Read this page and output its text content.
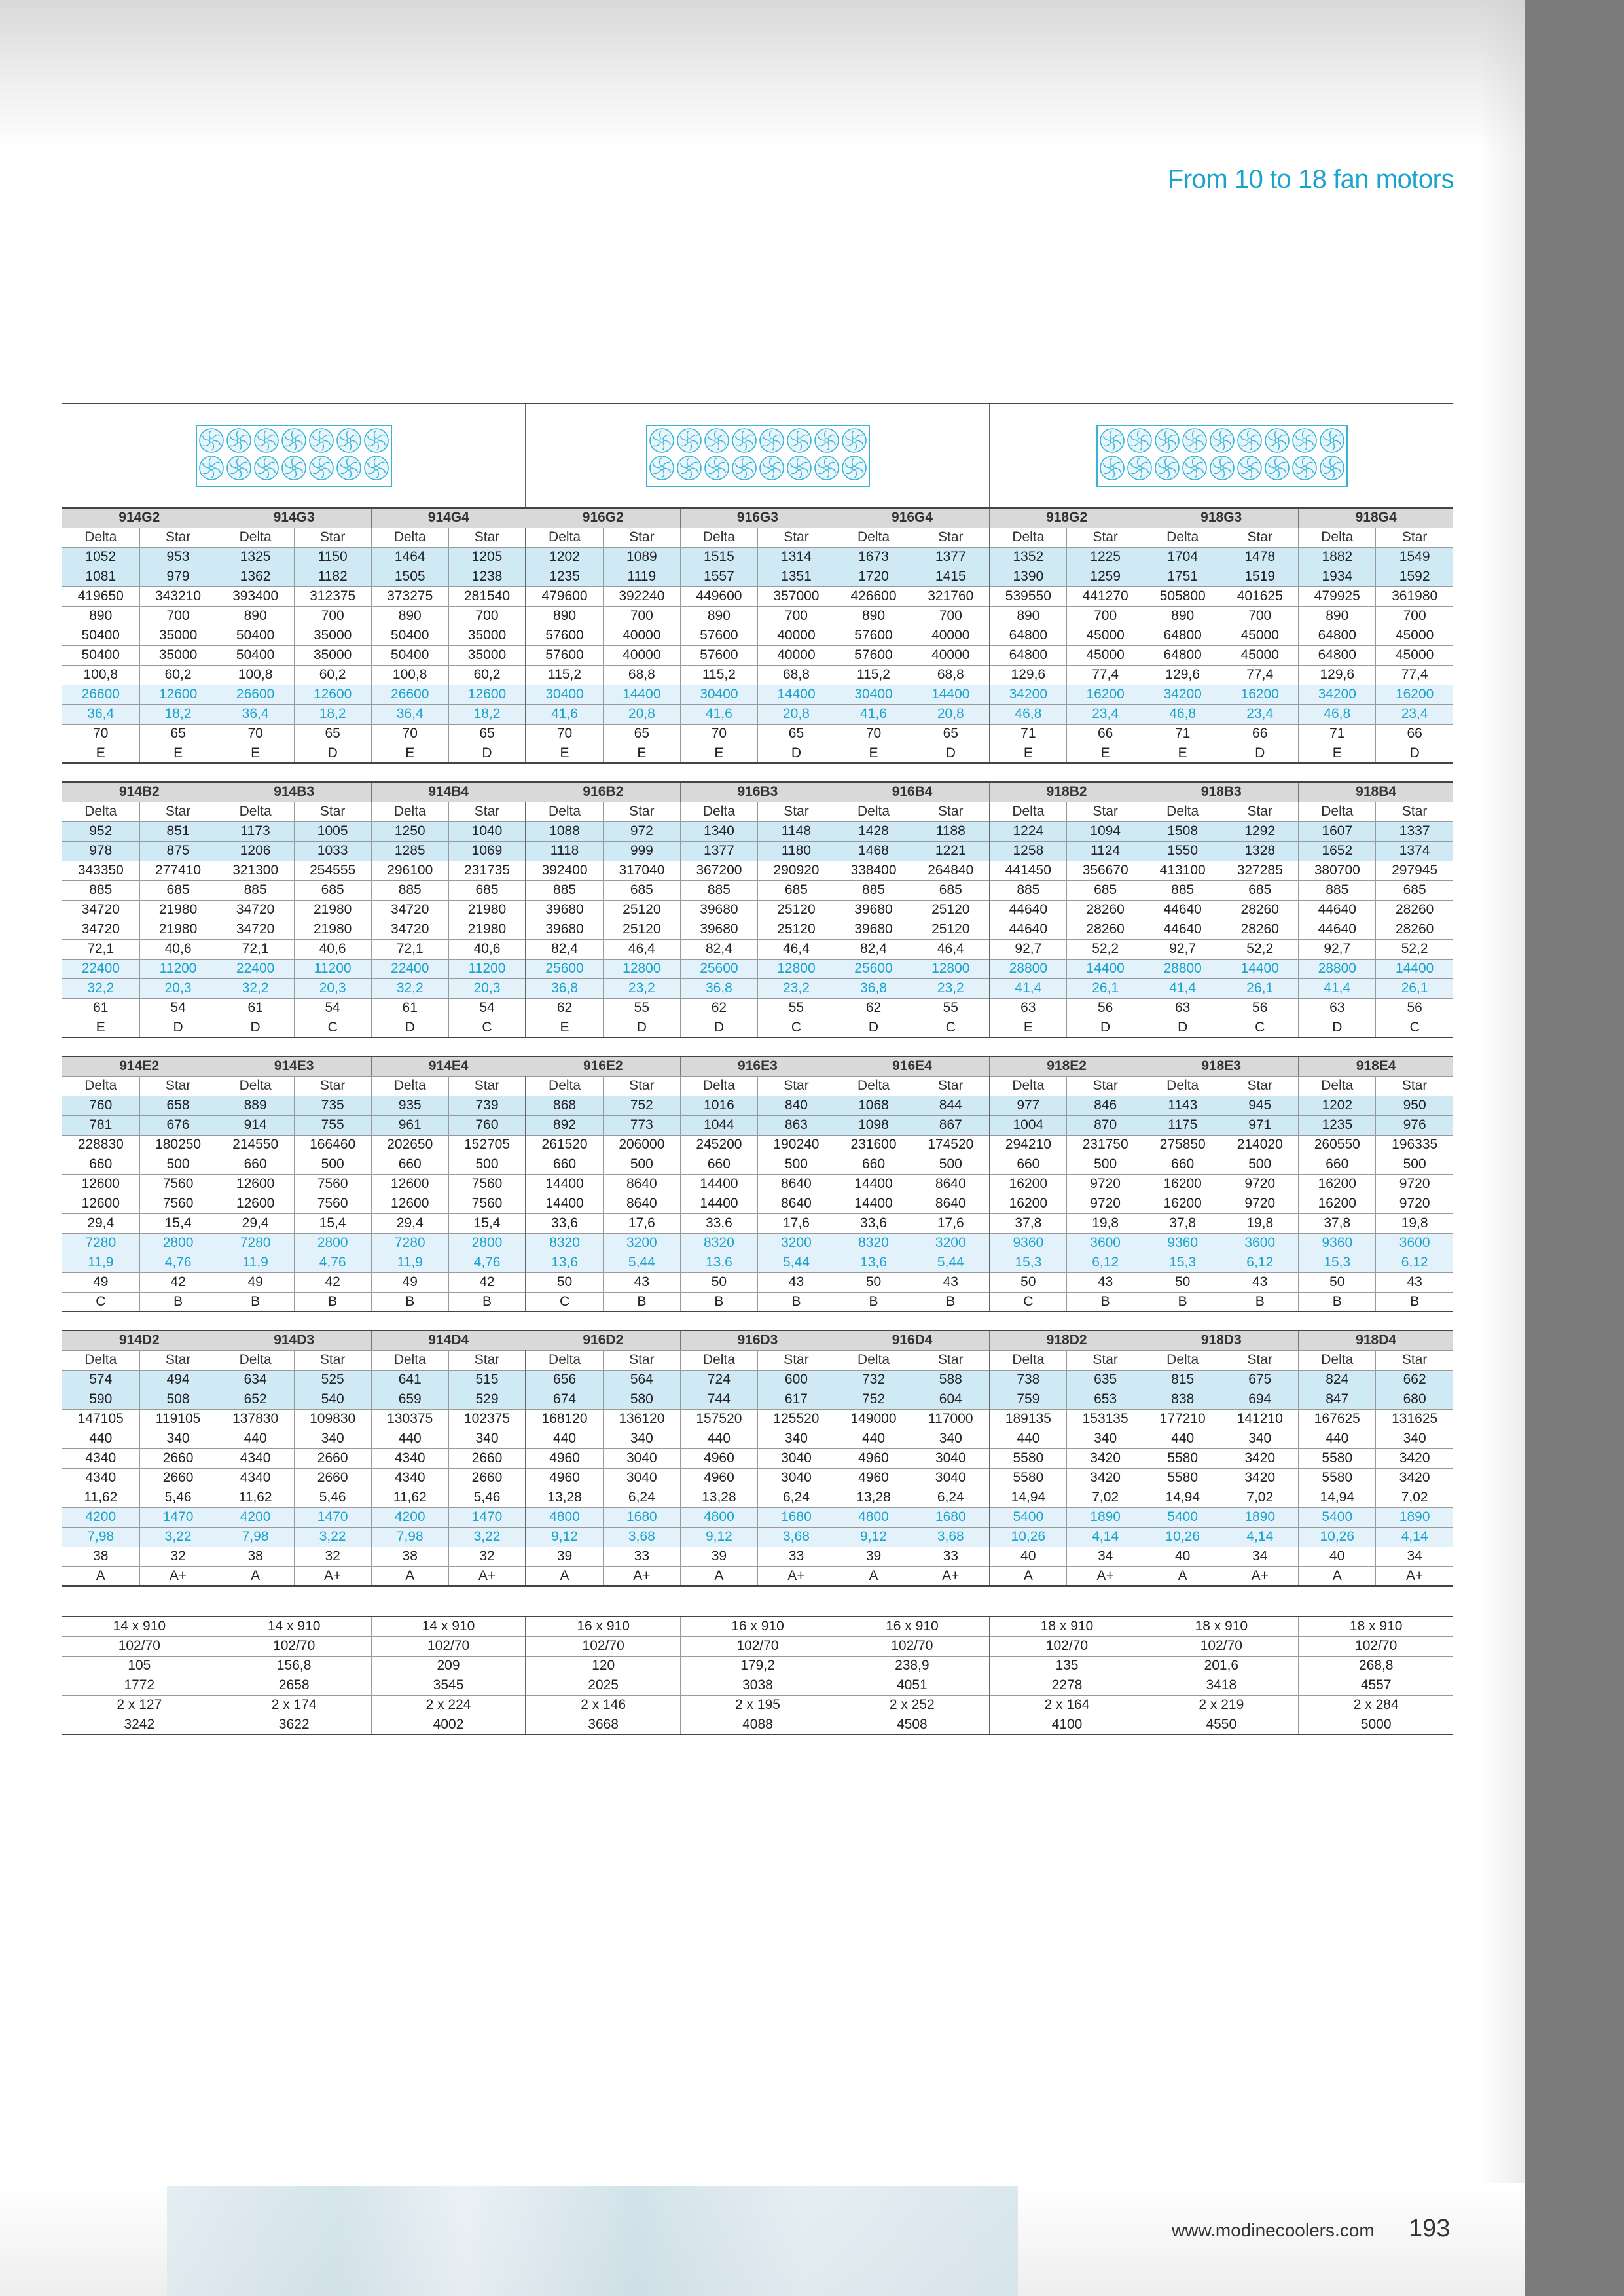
From 10 to 18 fan motors
914G2		914G3		914G4		916G2		916G3		916G4		918G2		918G3		918G4	
Delta	Star	Delta	Star	Delta	Star	Delta	Star	Delta	Star	Delta	Star	Delta	Star	Delta	Star	Delta	Star
1052	953	1325	1150	1464	1205	1202	1089	1515	1314	1673	1377	1352	1225	1704	1478	1882	1549
1081	979	1362	1182	1505	1238	1235	1119	1557	1351	1720	1415	1390	1259	1751	1519	1934	1592
419650	343210	393400	312375	373275	281540	479600	392240	449600	357000	426600	321760	539550	441270	505800	401625	479925	361980
890	700	890	700	890	700	890	700	890	700	890	700	890	700	890	700	890	700
50400	35000	50400	35000	50400	35000	57600	40000	57600	40000	57600	40000	64800	45000	64800	45000	64800	45000
50400	35000	50400	35000	50400	35000	57600	40000	57600	40000	57600	40000	64800	45000	64800	45000	64800	45000
100,8	60,2	100,8	60,2	100,8	60,2	115,2	68,8	115,2	68,8	115,2	68,8	129,6	77,4	129,6	77,4	129,6	77,4
26600	12600	26600	12600	26600	12600	30400	14400	30400	14400	30400	14400	34200	16200	34200	16200	34200	16200
36,4	18,2	36,4	18,2	36,4	18,2	41,6	20,8	41,6	20,8	41,6	20,8	46,8	23,4	46,8	23,4	46,8	23,4
70	65	70	65	70	65	70	65	70	65	70	65	71	66	71	66	71	66
E	E	E	D	E	D	E	E	E	D	E	D	E	E	E	D	E	D
914B2		914B3		914B4		916B2		916B3		916B4		918B2		918B3		918B4	
Delta	Star	Delta	Star	Delta	Star	Delta	Star	Delta	Star	Delta	Star	Delta	Star	Delta	Star	Delta	Star
952	851	1173	1005	1250	1040	1088	972	1340	1148	1428	1188	1224	1094	1508	1292	1607	1337
978	875	1206	1033	1285	1069	1118	999	1377	1180	1468	1221	1258	1124	1550	1328	1652	1374
343350	277410	321300	254555	296100	231735	392400	317040	367200	290920	338400	264840	441450	356670	413100	327285	380700	297945
885	685	885	685	885	685	885	685	885	685	885	685	885	685	885	685	885	685
34720	21980	34720	21980	34720	21980	39680	25120	39680	25120	39680	25120	44640	28260	44640	28260	44640	28260
34720	21980	34720	21980	34720	21980	39680	25120	39680	25120	39680	25120	44640	28260	44640	28260	44640	28260
72,1	40,6	72,1	40,6	72,1	40,6	82,4	46,4	82,4	46,4	82,4	46,4	92,7	52,2	92,7	52,2	92,7	52,2
22400	11200	22400	11200	22400	11200	25600	12800	25600	12800	25600	12800	28800	14400	28800	14400	28800	14400
32,2	20,3	32,2	20,3	32,2	20,3	36,8	23,2	36,8	23,2	36,8	23,2	41,4	26,1	41,4	26,1	41,4	26,1
61	54	61	54	61	54	62	55	62	55	62	55	63	56	63	56	63	56
E	D	D	C	D	C	E	D	D	C	D	C	E	D	D	C	D	C
914E2		914E3		914E4		916E2		916E3		916E4		918E2		918E3		918E4	
Delta	Star	Delta	Star	Delta	Star	Delta	Star	Delta	Star	Delta	Star	Delta	Star	Delta	Star	Delta	Star
760	658	889	735	935	739	868	752	1016	840	1068	844	977	846	1143	945	1202	950
781	676	914	755	961	760	892	773	1044	863	1098	867	1004	870	1175	971	1235	976
228830	180250	214550	166460	202650	152705	261520	206000	245200	190240	231600	174520	294210	231750	275850	214020	260550	196335
660	500	660	500	660	500	660	500	660	500	660	500	660	500	660	500	660	500
12600	7560	12600	7560	12600	7560	14400	8640	14400	8640	14400	8640	16200	9720	16200	9720	16200	9720
12600	7560	12600	7560	12600	7560	14400	8640	14400	8640	14400	8640	16200	9720	16200	9720	16200	9720
29,4	15,4	29,4	15,4	29,4	15,4	33,6	17,6	33,6	17,6	33,6	17,6	37,8	19,8	37,8	19,8	37,8	19,8
7280	2800	7280	2800	7280	2800	8320	3200	8320	3200	8320	3200	9360	3600	9360	3600	9360	3600
11,9	4,76	11,9	4,76	11,9	4,76	13,6	5,44	13,6	5,44	13,6	5,44	15,3	6,12	15,3	6,12	15,3	6,12
49	42	49	42	49	42	50	43	50	43	50	43	50	43	50	43	50	43
C	B	B	B	B	B	C	B	B	B	B	B	C	B	B	B	B	B
914D2		914D3		914D4		916D2		916D3		916D4		918D2		918D3		918D4	
Delta	Star	Delta	Star	Delta	Star	Delta	Star	Delta	Star	Delta	Star	Delta	Star	Delta	Star	Delta	Star
574	494	634	525	641	515	656	564	724	600	732	588	738	635	815	675	824	662
590	508	652	540	659	529	674	580	744	617	752	604	759	653	838	694	847	680
147105	119105	137830	109830	130375	102375	168120	136120	157520	125520	149000	117000	189135	153135	177210	141210	167625	131625
440	340	440	340	440	340	440	340	440	340	440	340	440	340	440	340	440	340
4340	2660	4340	2660	4340	2660	4960	3040	4960	3040	4960	3040	5580	3420	5580	3420	5580	3420
4340	2660	4340	2660	4340	2660	4960	3040	4960	3040	4960	3040	5580	3420	5580	3420	5580	3420
11,62	5,46	11,62	5,46	11,62	5,46	13,28	6,24	13,28	6,24	13,28	6,24	14,94	7,02	14,94	7,02	14,94	7,02
4200	1470	4200	1470	4200	1470	4800	1680	4800	1680	4800	1680	5400	1890	5400	1890	5400	1890
7,98	3,22	7,98	3,22	7,98	3,22	9,12	3,68	9,12	3,68	9,12	3,68	10,26	4,14	10,26	4,14	10,26	4,14
38	32	38	32	38	32	39	33	39	33	39	33	40	34	40	34	40	34
A	A+	A	A+	A	A+	A	A+	A	A+	A	A+	A	A+	A	A+	A	A+
14 x 910	14 x 910	14 x 910	16 x 910	16 x 910	16 x 910	18 x 910	18 x 910	18 x 910
102/70	102/70	102/70	102/70	102/70	102/70	102/70	102/70	102/70
105	156,8	209	120	179,2	238,9	135	201,6	268,8
1772	2658	3545	2025	3038	4051	2278	3418	4557
2 x 127	2 x 174	2 x 224	2 x 146	2 x 195	2 x 252	2 x 164	2 x 219	2 x 284
3242	3622	4002	3668	4088	4508	4100	4550	5000
www.modinecoolers.com 193
